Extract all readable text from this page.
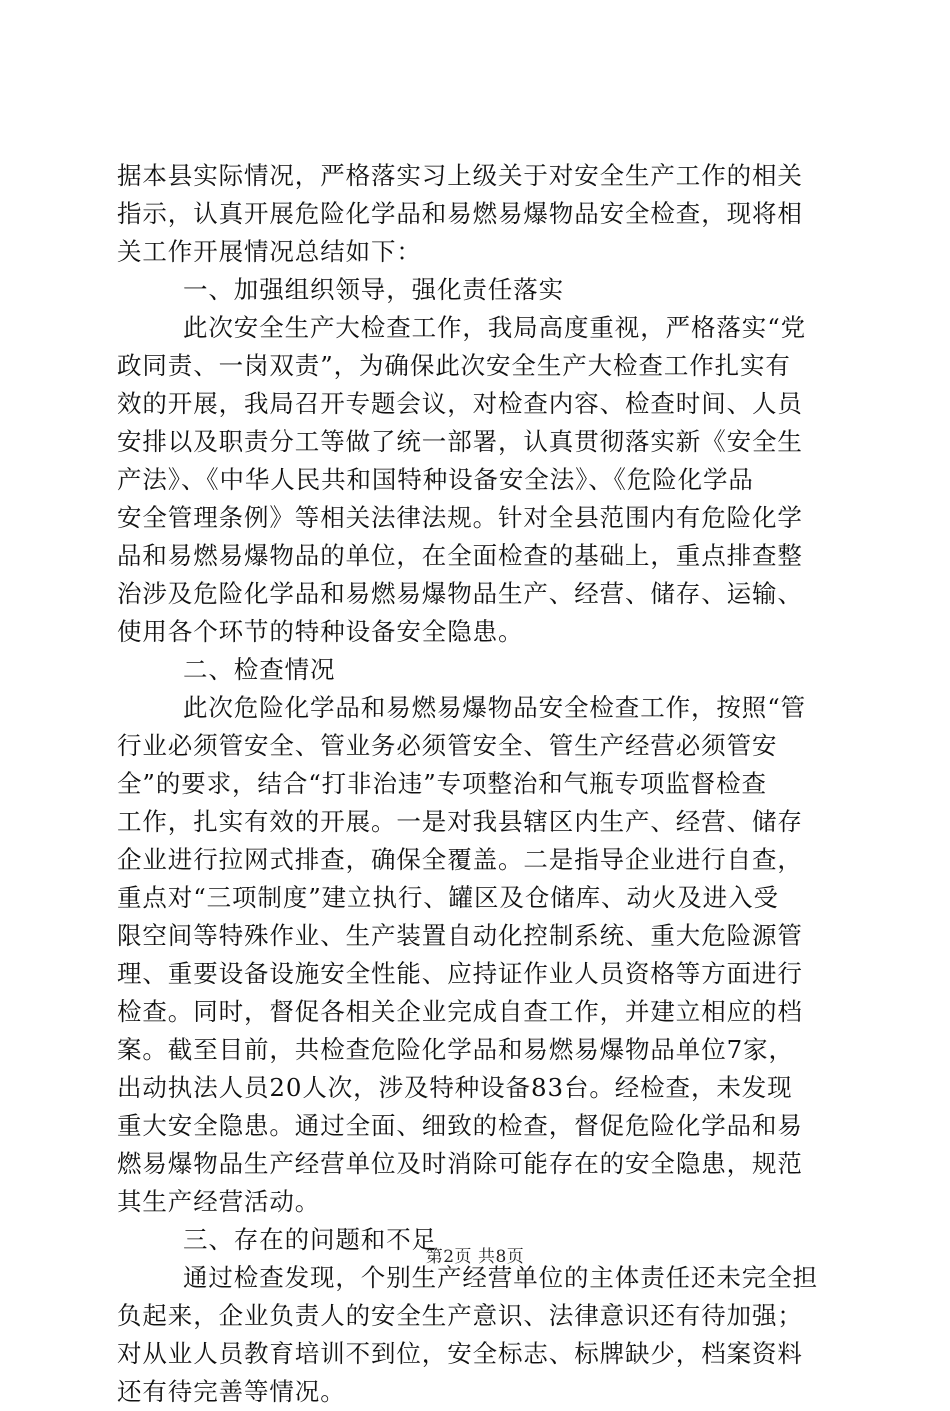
据本县实际情况，严格落实习上级关于对安全生产工作的相关
指示，认真开展危险化学品和易燃易爆物品安全检查，现将相
关工作开展情况总结如下：
一、加强组织领导，强化责任落实
此次安全生产大检查工作，我局高度重视，严格落实“党
政同责、一岗双责”，为确保此次安全生产大检查工作扎实有
效的开展，我局召开专题会议，对检查内容、检查时间、人员
安排以及职责分工等做了统一部署，认真贯彻落实新《安全生
产法》、《中华人民共和国特种设备安全法》、《危险化学品
安全管理条例》等相关法律法规。针对全县范围内有危险化学
品和易燃易爆物品的单位，在全面检查的基础上，重点排查整
治涉及危险化学品和易燃易爆物品生产、经营、储存、运输、
使用各个环节的特种设备安全隐患。
二、检查情况
此次危险化学品和易燃易爆物品安全检查工作，按照“管
行业必须管安全、管业务必须管安全、管生产经营必须管安
全”的要求，结合“打非治违”专项整治和气瓶专项监督检查
工作，扎实有效的开展。一是对我县辖区内生产、经营、储存
企业进行拉网式排查，确保全覆盖。二是指导企业进行自查，
重点对“三项制度”建立执行、罐区及仓储库、动火及进入受
限空间等特殊作业、生产装置自动化控制系统、重大危险源管
理、重要设备设施安全性能、应持证作业人员资格等方面进行
检查。同时，督促各相关企业完成自查工作，并建立相应的档
案。截至目前，共检查危险化学品和易燃易爆物品单位7家，
出动执法人员20人次，涉及特种设备83台。经检查，未发现
重大安全隐患。通过全面、细致的检查，督促危险化学品和易
燃易爆物品生产经营单位及时消除可能存在的安全隐患，规范
其生产经营活动。
三、存在的问题和不足
通过检查发现，个别生产经营单位的主体责任还未完全担
负起来，企业负责人的安全生产意识、法律意识还有待加强；
对从业人员教育培训不到位，安全标志、标牌缺少，档案资料
还有待完善等情况。
第2页 共8页
